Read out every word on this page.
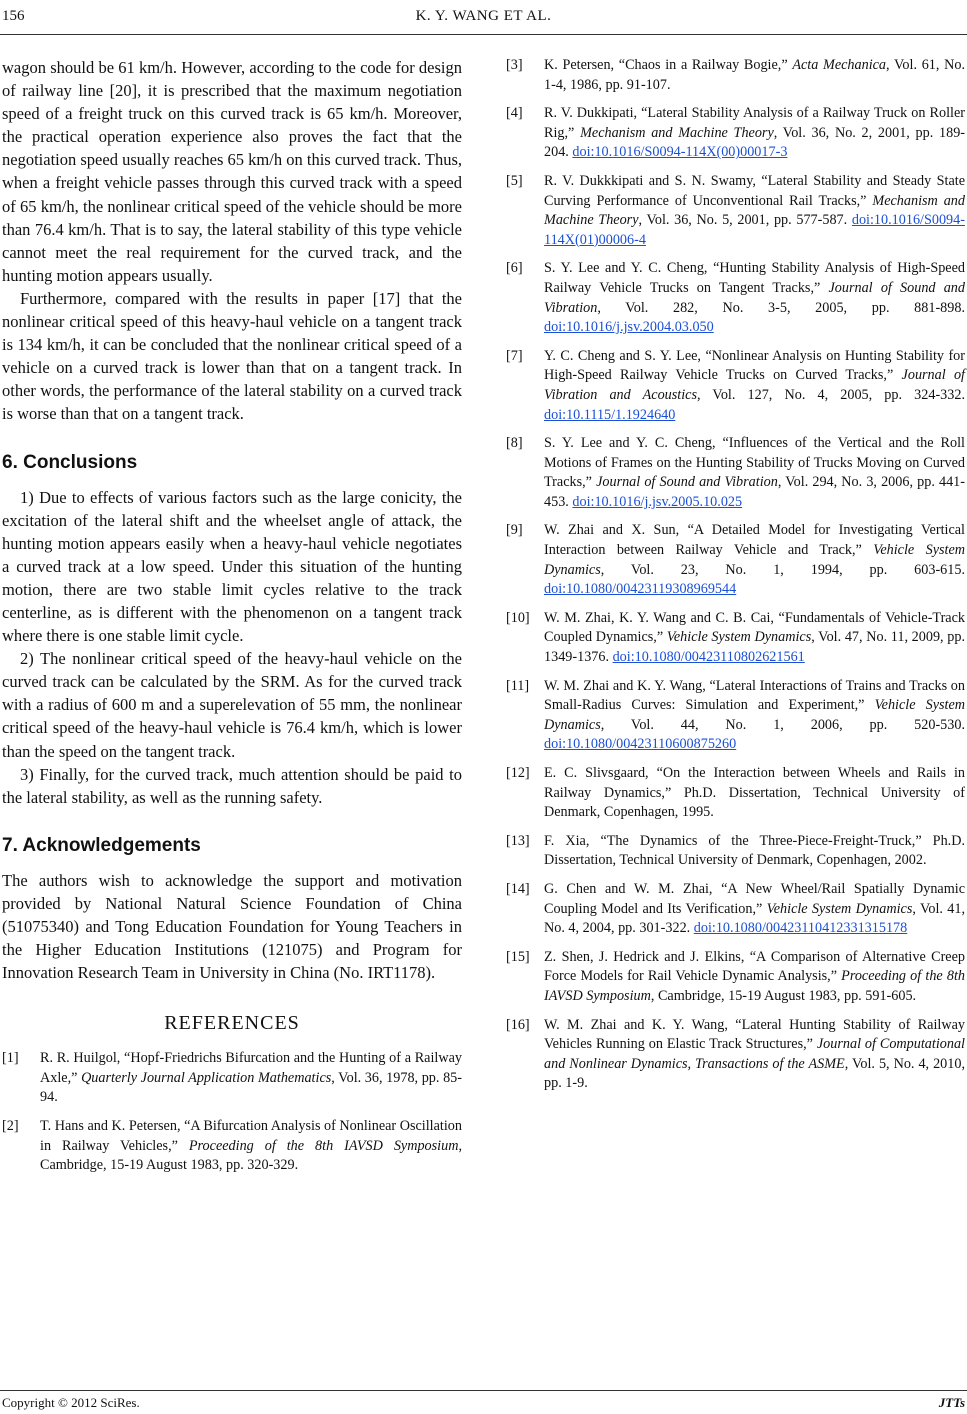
156	K. Y. WANG ET AL.

wagon should be 61 km/h. However, according to the code for design of railway line [20], it is prescribed that the maximum negotiation speed of a freight truck on this curved track is 65 km/h. Moreover, the practical operation experience also proves the fact that the negotiation speed usually reaches 65 km/h on this curved track. Thus, when a freight vehicle passes through this curved track with a speed of 65 km/h, the nonlinear critical speed of the vehicle should be more than 76.4 km/h. That is to say, the lateral stability of this type vehicle cannot meet the real requirement for the curved track, and the hunting motion appears usually.

Furthermore, compared with the results in paper [17] that the nonlinear critical speed of this heavy-haul vehicle on a tangent track is 134 km/h, it can be concluded that the nonlinear critical speed of a vehicle on a curved track is lower than that on a tangent track. In other words, the performance of the lateral stability on a curved track is worse than that on a tangent track.

6. Conclusions

1) Due to effects of various factors such as the large conicity, the excitation of the lateral shift and the wheelset angle of attack, the hunting motion appears easily when a heavy-haul vehicle negotiates a curved track at a low speed. Under this situation of the hunting motion, there are two stable limit cycles relative to the track centerline, as is different with the phenomenon on a tangent track where there is one stable limit cycle.

2) The nonlinear critical speed of the heavy-haul vehicle on the curved track can be calculated by the SRM. As for the curved track with a radius of 600 m and a superelevation of 55 mm, the nonlinear critical speed of the heavy-haul vehicle is 76.4 km/h, which is lower than the speed on the tangent track.

3) Finally, for the curved track, much attention should be paid to the lateral stability, as well as the running safety.

7. Acknowledgements

The authors wish to acknowledge the support and motivation provided by National Natural Science Foundation of China (51075340) and Tong Education Foundation for Young Teachers in the Higher Education Institutions (121075) and Program for Innovation Research Team in University in China (No. IRT1178).

REFERENCES
[1]	R. R. Huilgol, “Hopf-Friedrichs Bifurcation and the Hunting of a Railway Axle,” Quarterly Journal Application Mathematics, Vol. 36, 1978, pp. 85-94.
[2]	T. Hans and K. Petersen, “A Bifurcation Analysis of Nonlinear Oscillation in Railway Vehicles,” Proceeding of the 8th IAVSD Symposium, Cambridge, 15-19 August 1983, pp. 320-329.
[3]	K. Petersen, “Chaos in a Railway Bogie,” Acta Mechanica, Vol. 61, No. 1-4, 1986, pp. 91-107.
[4]	R. V. Dukkipati, “Lateral Stability Analysis of a Railway Truck on Roller Rig,” Mechanism and Machine Theory, Vol. 36, No. 2, 2001, pp. 189-204. doi:10.1016/S0094-114X(00)00017-3
[5]	R. V. Dukkkipati and S. N. Swamy, “Lateral Stability and Steady State Curving Performance of Unconventional Rail Tracks,” Mechanism and Machine Theory, Vol. 36, No. 5, 2001, pp. 577-587. doi:10.1016/S0094-114X(01)00006-4
[6]	S. Y. Lee and Y. C. Cheng, “Hunting Stability Analysis of High-Speed Railway Vehicle Trucks on Tangent Tracks,” Journal of Sound and Vibration, Vol. 282, No. 3-5, 2005, pp. 881-898. doi:10.1016/j.jsv.2004.03.050
[7]	Y. C. Cheng and S. Y. Lee, “Nonlinear Analysis on Hunting Stability for High-Speed Railway Vehicle Trucks on Curved Tracks,” Journal of Vibration and Acoustics, Vol. 127, No. 4, 2005, pp. 324-332. doi:10.1115/1.1924640
[8]	S. Y. Lee and Y. C. Cheng, “Influences of the Vertical and the Roll Motions of Frames on the Hunting Stability of Trucks Moving on Curved Tracks,” Journal of Sound and Vibration, Vol. 294, No. 3, 2006, pp. 441-453. doi:10.1016/j.jsv.2005.10.025
[9]	W. Zhai and X. Sun, “A Detailed Model for Investigating Vertical Interaction between Railway Vehicle and Track,” Vehicle System Dynamics, Vol. 23, No. 1, 1994, pp. 603-615. doi:10.1080/00423119308969544
[10]	W. M. Zhai, K. Y. Wang and C. B. Cai, “Fundamentals of Vehicle-Track Coupled Dynamics,” Vehicle System Dynamics, Vol. 47, No. 11, 2009, pp. 1349-1376. doi:10.1080/00423110802621561
[11]	W. M. Zhai and K. Y. Wang, “Lateral Interactions of Trains and Tracks on Small-Radius Curves: Simulation and Experiment,” Vehicle System Dynamics, Vol. 44, No. 1, 2006, pp. 520-530. doi:10.1080/00423110600875260
[12]	E. C. Slivsgaard, “On the Interaction between Wheels and Rails in Railway Dynamics,” Ph.D. Dissertation, Technical University of Denmark, Copenhagen, 1995.
[13]	F. Xia, “The Dynamics of the Three-Piece-Freight-Truck,” Ph.D. Dissertation, Technical University of Denmark, Copenhagen, 2002.
[14]	G. Chen and W. M. Zhai, “A New Wheel/Rail Spatially Dynamic Coupling Model and Its Verification,” Vehicle System Dynamics, Vol. 41, No. 4, 2004, pp. 301-322. doi:10.1080/00423110412331315178
[15]	Z. Shen, J. Hedrick and J. Elkins, “A Comparison of Alternative Creep Force Models for Rail Vehicle Dynamic Analysis,” Proceeding of the 8th IAVSD Symposium, Cambridge, 15-19 August 1983, pp. 591-605.
[16]	W. M. Zhai and K. Y. Wang, “Lateral Hunting Stability of Railway Vehicles Running on Elastic Track Structures,” Journal of Computational and Nonlinear Dynamics, Transactions of the ASME, Vol. 5, No. 4, 2010, pp. 1-9.
Copyright © 2012 SciRes.	JTTs
